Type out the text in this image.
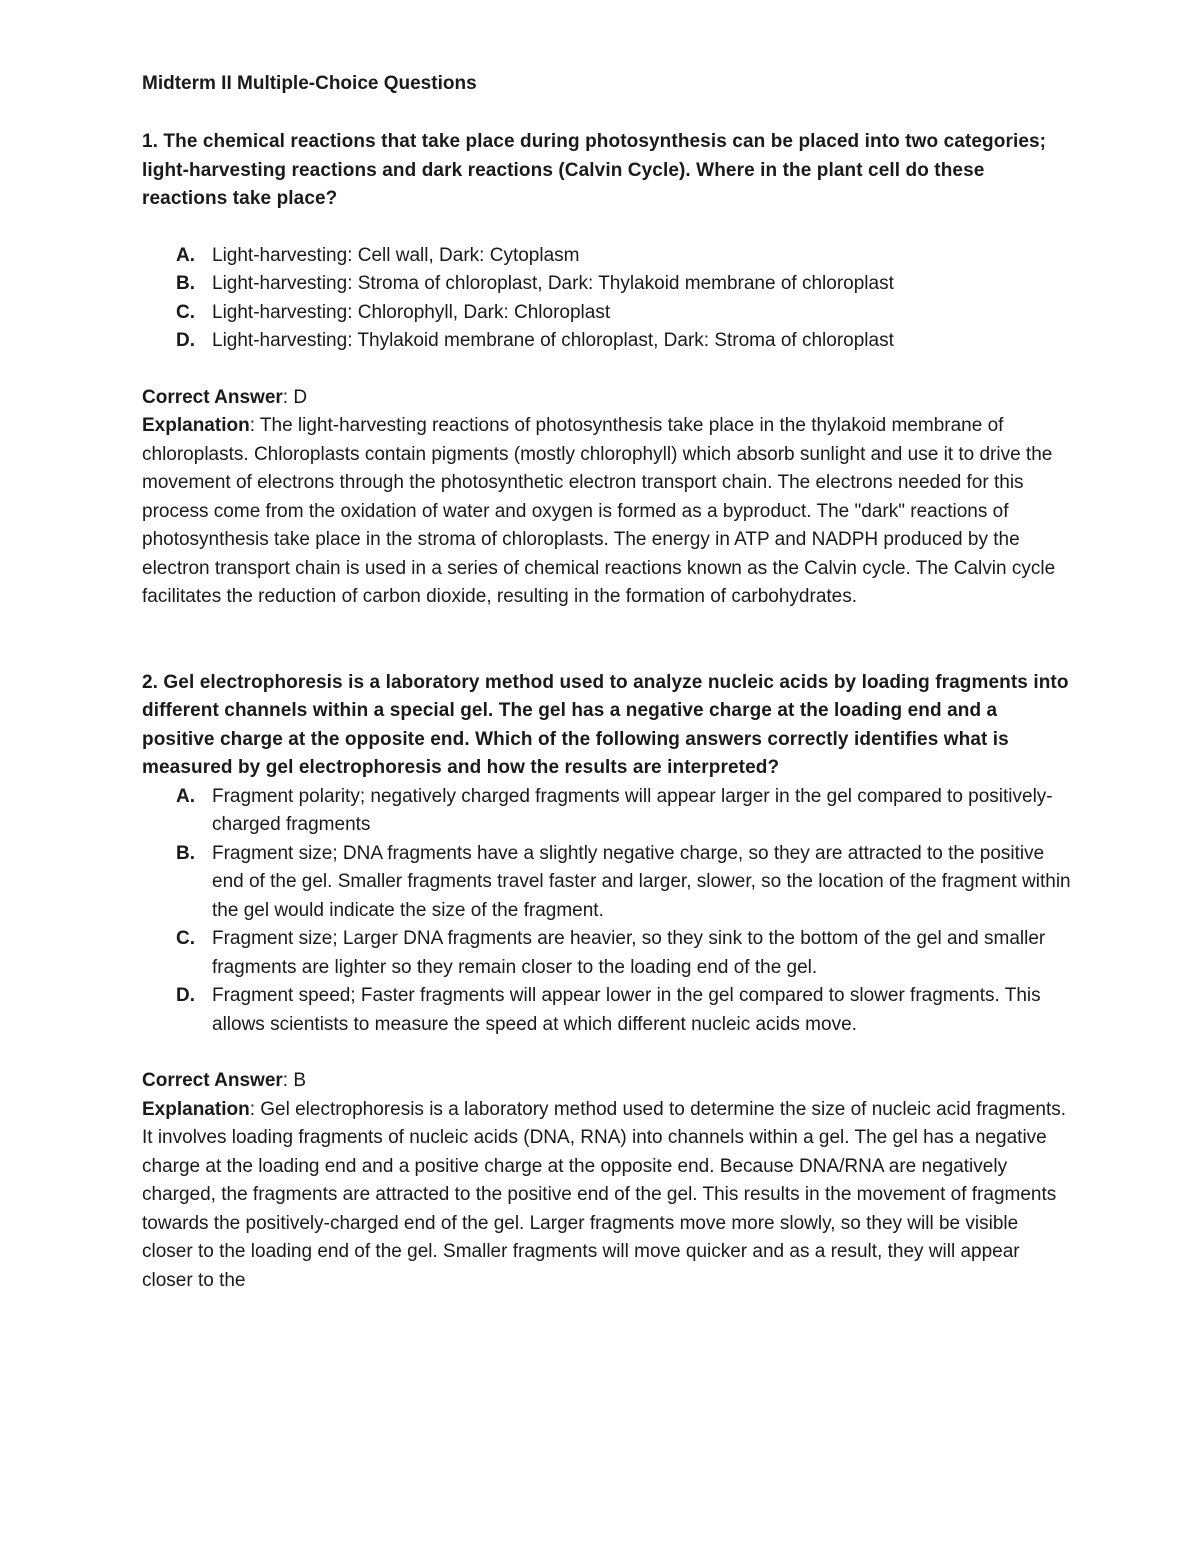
Midterm II Multiple-Choice Questions

1. The chemical reactions that take place during photosynthesis can be placed into two categories; light-harvesting reactions and dark reactions (Calvin Cycle). Where in the plant cell do these reactions take place?

A. Light-harvesting: Cell wall, Dark: Cytoplasm
B. Light-harvesting: Stroma of chloroplast, Dark: Thylakoid membrane of chloroplast
C. Light-harvesting: Chlorophyll, Dark: Chloroplast
D. Light-harvesting: Thylakoid membrane of chloroplast, Dark: Stroma of chloroplast

Correct Answer: D

Explanation: The light-harvesting reactions of photosynthesis take place in the thylakoid membrane of chloroplasts. Chloroplasts contain pigments (mostly chlorophyll) which absorb sunlight and use it to drive the movement of electrons through the photosynthetic electron transport chain. The electrons needed for this process come from the oxidation of water and oxygen is formed as a byproduct. The "dark" reactions of photosynthesis take place in the stroma of chloroplasts. The energy in ATP and NADPH produced by the electron transport chain is used in a series of chemical reactions known as the Calvin cycle. The Calvin cycle facilitates the reduction of carbon dioxide, resulting in the formation of carbohydrates.

2. Gel electrophoresis is a laboratory method used to analyze nucleic acids by loading fragments into different channels within a special gel. The gel has a negative charge at the loading end and a positive charge at the opposite end. Which of the following answers correctly identifies what is measured by gel electrophoresis and how the results are interpreted?

A. Fragment polarity; negatively charged fragments will appear larger in the gel compared to positively-charged fragments
B. Fragment size; DNA fragments have a slightly negative charge, so they are attracted to the positive end of the gel. Smaller fragments travel faster and larger, slower, so the location of the fragment within the gel would indicate the size of the fragment.
C. Fragment size; Larger DNA fragments are heavier, so they sink to the bottom of the gel and smaller fragments are lighter so they remain closer to the loading end of the gel.
D. Fragment speed; Faster fragments will appear lower in the gel compared to slower fragments. This allows scientists to measure the speed at which different nucleic acids move.

Correct Answer: B

Explanation: Gel electrophoresis is a laboratory method used to determine the size of nucleic acid fragments. It involves loading fragments of nucleic acids (DNA, RNA) into channels within a gel. The gel has a negative charge at the loading end and a positive charge at the opposite end. Because DNA/RNA are negatively charged, the fragments are attracted to the positive end of the gel. This results in the movement of fragments towards the positively-charged end of the gel. Larger fragments move more slowly, so they will be visible closer to the loading end of the gel. Smaller fragments will move quicker and as a result, they will appear closer to the
